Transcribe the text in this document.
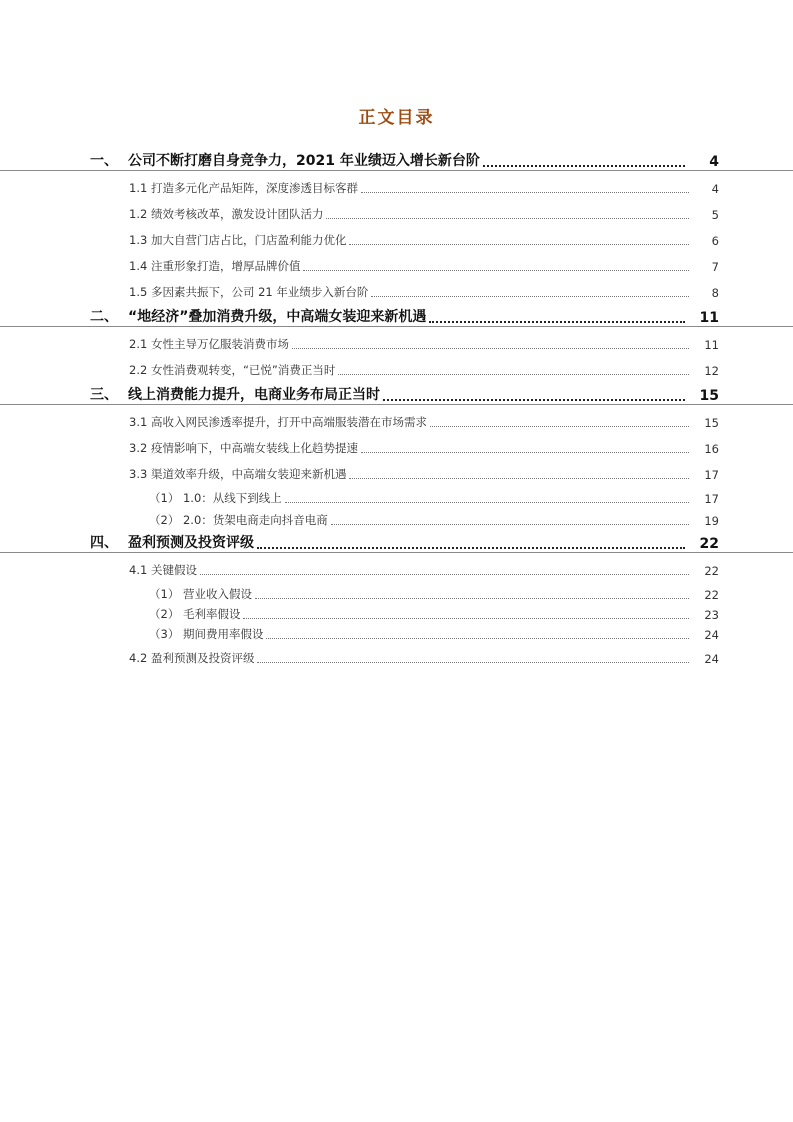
正文目录
一、 公司不断打磨自身竞争力，2021 年业绩迈入增长新台阶	4
1.1 打造多元化产品矩阵，深度渗透目标客群	4
1.2 绩效考核改革，激发设计团队活力	5
1.3 加大自营门店占比，门店盈利能力优化	6
1.4 注重形象打造，增厚品牌价值	7
1.5 多因素共振下，公司 21 年业绩步入新台阶	8
二、 “地经济”叠加消费升级，中高端女装迎来新机遇	11
2.1 女性主导万亿服装消费市场	11
2.2 女性消费观转变，“已悦”消费正当时	12
三、 线上消费能力提升，电商业务布局正当时	15
3.1 高收入网民渗透率提升，打开中高端服装潜在市场需求	15
3.2 疫情影响下，中高端女装线上化趋势提速	16
3.3 渠道效率升级，中高端女装迎来新机遇	17
（1） 1.0：从线下到线上	17
（2） 2.0：货架电商走向抖音电商	19
四、 盈利预测及投资评级	22
4.1 关键假设	22
（1） 营业收入假设	22
（2） 毛利率假设	23
（3） 期间费用率假设	24
4.2 盈利预测及投资评级	24
